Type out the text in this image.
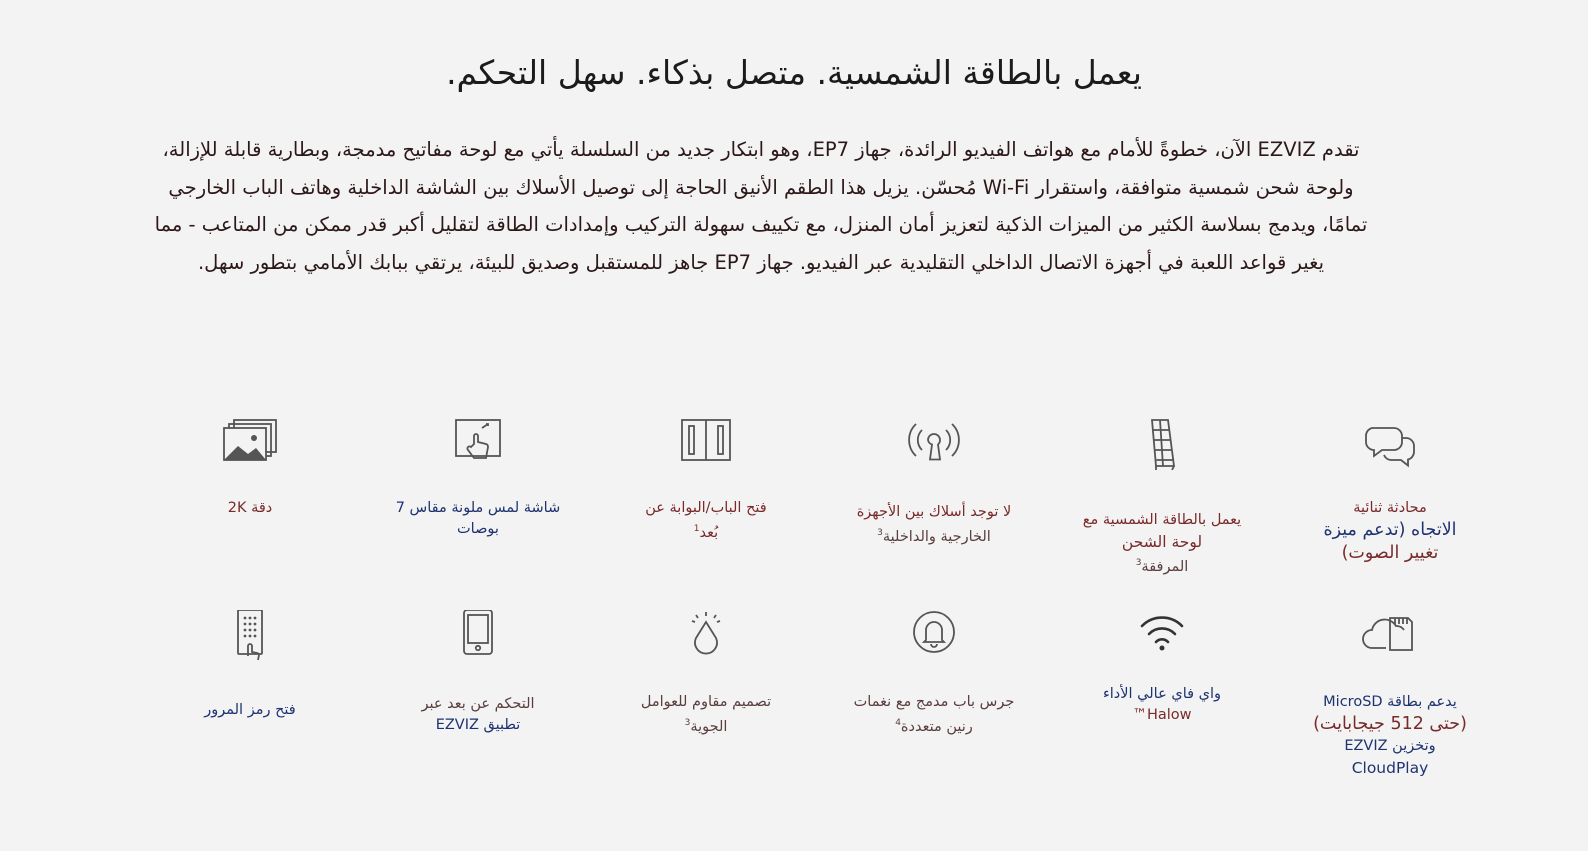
يعمل بالطاقة الشمسية. متصل بذكاء. سهل التحكم.

تقدم EZVIZ الآن، خطوةً للأمام مع هواتف الفيديو الرائدة، جهاز EP7، وهو ابتكار جديد من السلسلة يأتي مع لوحة مفاتيح مدمجة، وبطارية قابلة للإزالة، ولوحة شحن شمسية متوافقة، واستقرار Wi-Fi مُحسّن. يزيل هذا الطقم الأنيق الحاجة إلى توصيل الأسلاك بين الشاشة الداخلية وهاتف الباب الخارجي تمامًا، ويدمج بسلاسة الكثير من الميزات الذكية لتعزيز أمان المنزل، مع تكييف سهولة التركيب وإمدادات الطاقة لتقليل أكبر قدر ممكن من المتاعب - مما يغير قواعد اللعبة في أجهزة الاتصال الداخلي التقليدية عبر الفيديو. جهاز EP7 جاهز للمستقبل وصديق للبيئة، يرتقي ببابك الأمامي بتطور سهل.

محادثة ثنائية
الاتجاه (تدعم ميزة
تغيير الصوت)
يعمل بالطاقة الشمسية مع
لوحة الشحن
المرفقة$^3$
لا توجد أسلاك بين الأجهزة
الخارجية والداخلية$^3$
فتح الباب/البوابة عن
بُعد$^1$
شاشة لمس ملونة مقاس 7
بوصات
دقة 2K
يدعم بطاقة MicroSD
(حتى 512 جيجابايت)
وتخزين EZVIZ
CloudPlay
واي فاي عالي الأداء
Halow™
جرس باب مدمج مع نغمات
رنين متعددة$^4$
تصميم مقاوم للعوامل
الجوية$^3$
التحكم عن بعد عبر
تطبيق EZVIZ
فتح رمز المرور
